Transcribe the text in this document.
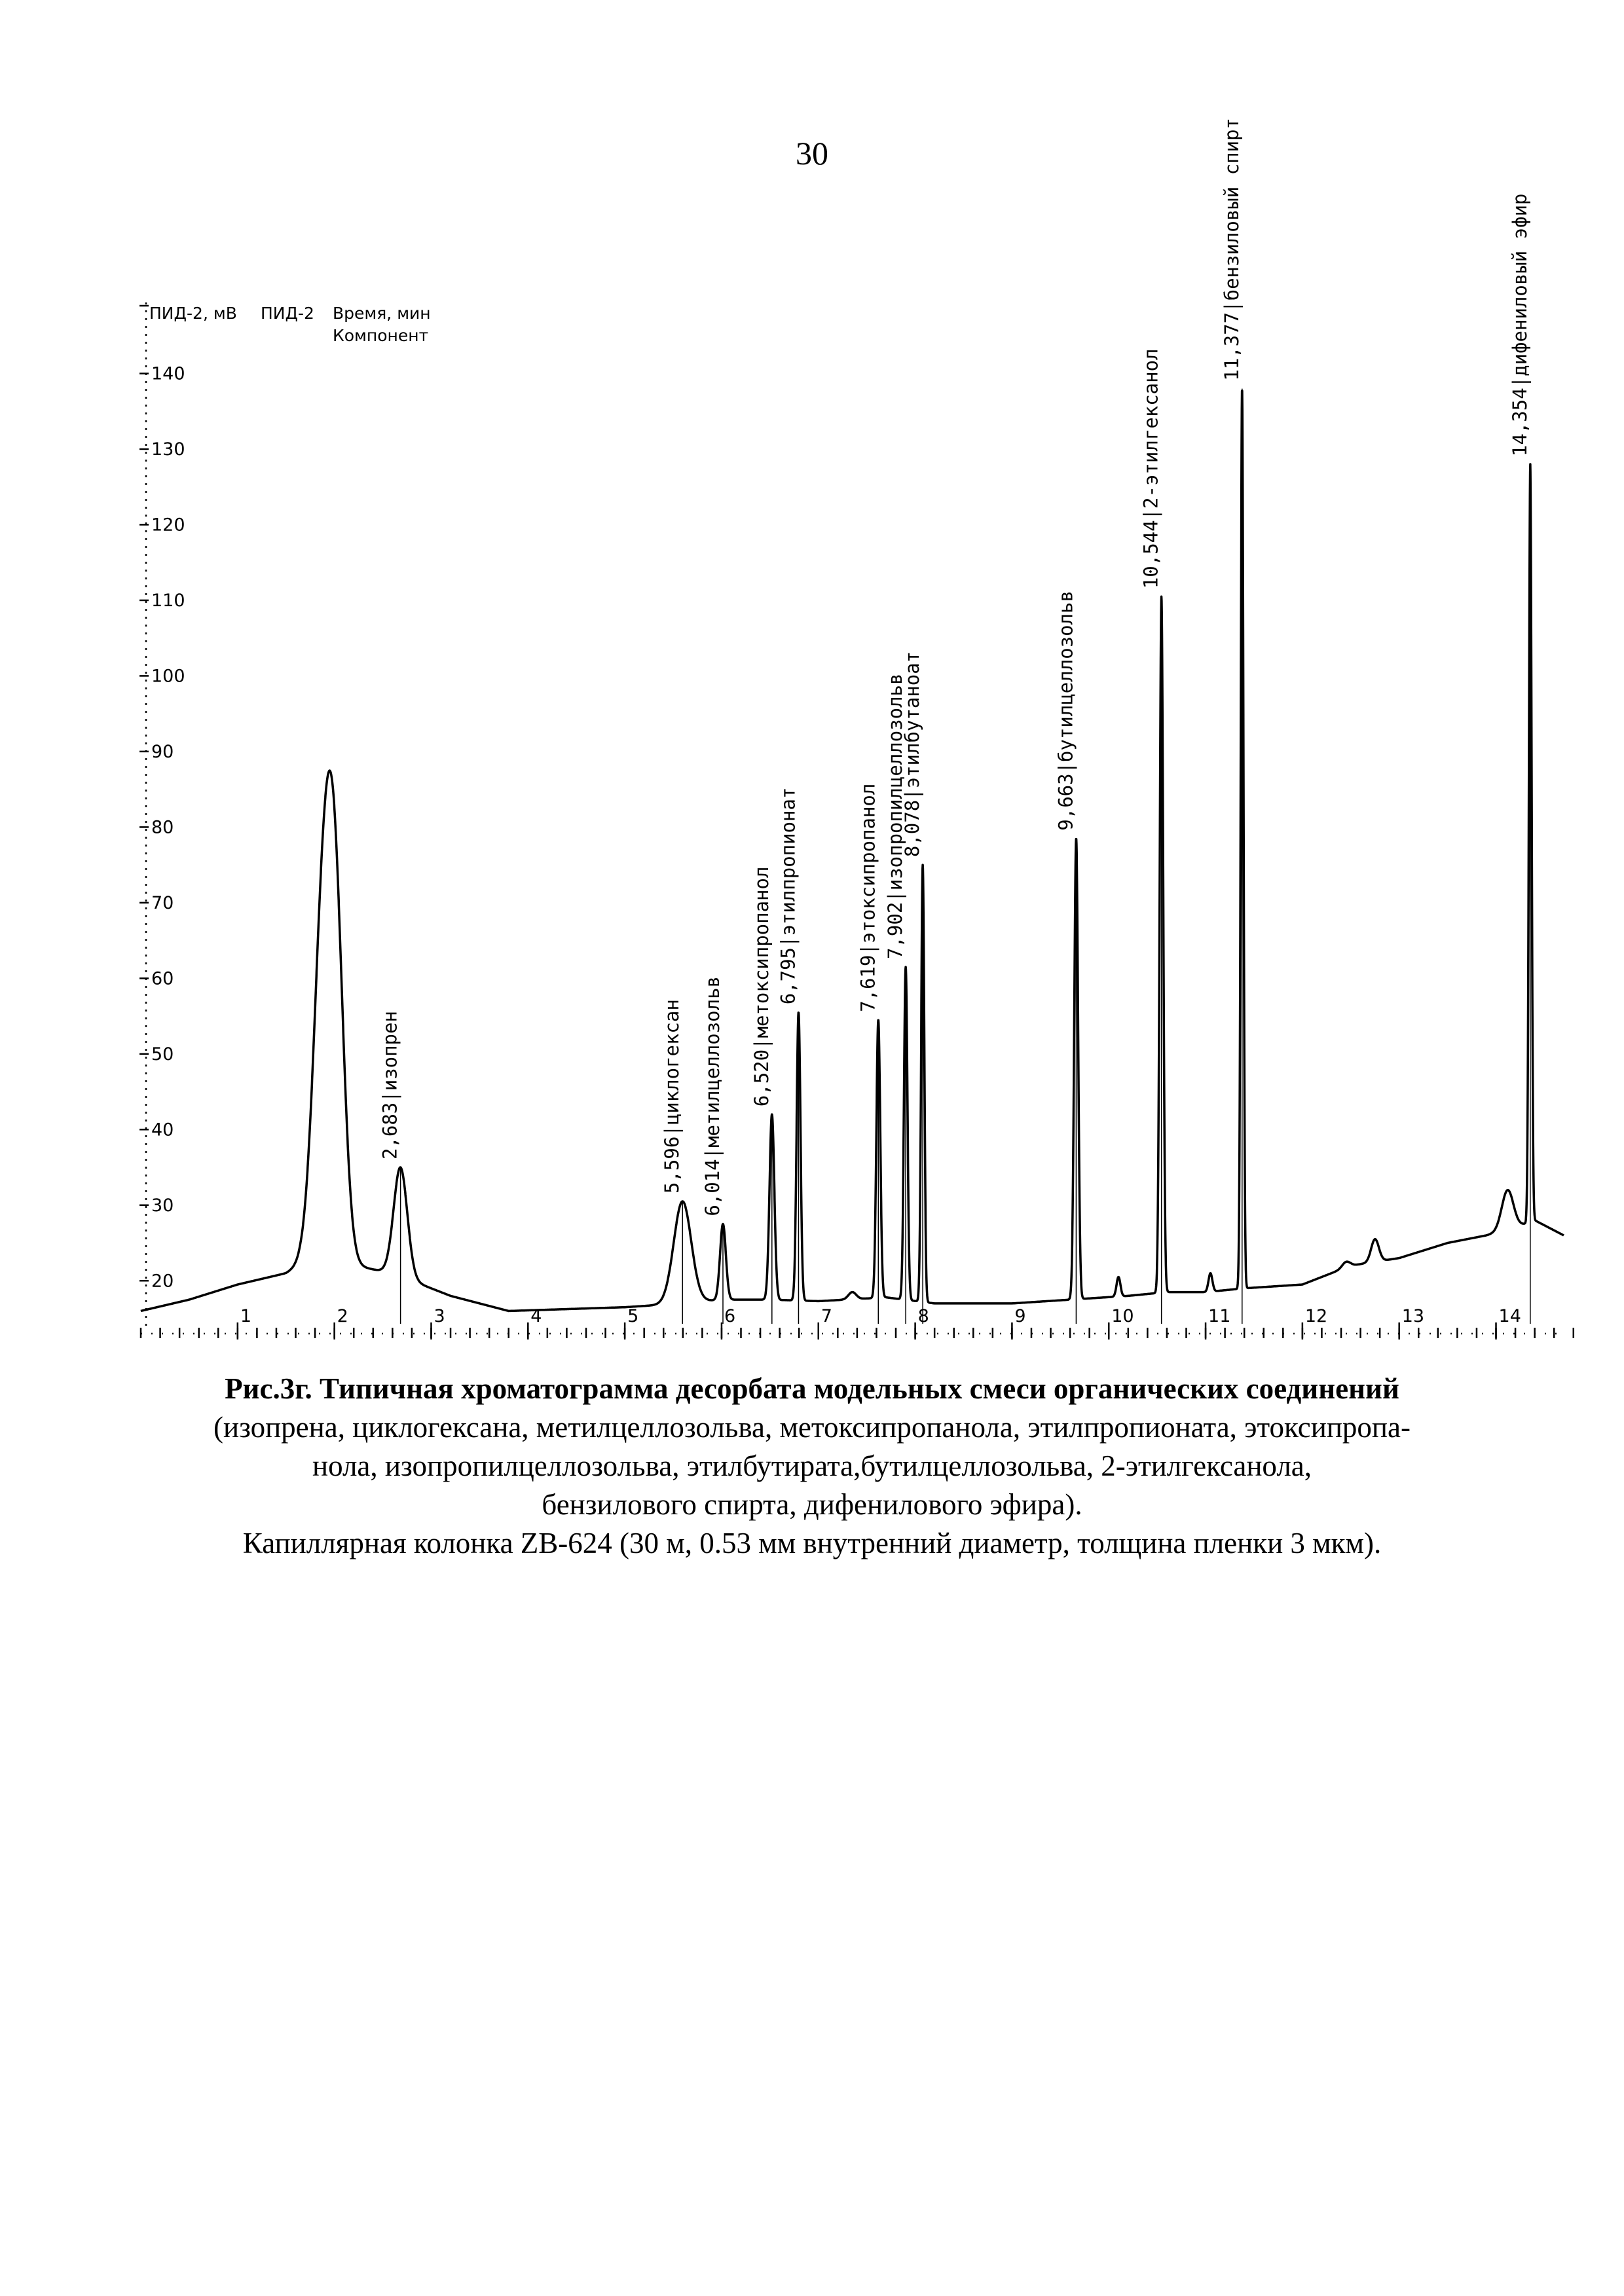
30
ПИД-2, мВ ПИД-2 Время, мин
Компонент
20
30
40
50
60
70
80
90
100
110
120
130
140
1	2	3	4	5	6	7	8	9	10	11	12	13	14
2,683|изопрен	5,596|циклогексан 6,014|метилцеллозольв 6,520|метоксипропанол 6,795|этилпропионат	7,619|этоксипропанол 7,902|изопропилцеллозольв
8,078|этилбутаноат	9,663|бутилцеллозольв
10,544|2-этилгексанол
11,377|бензиловый спирт	14,354|дифениловый эфир
Рис.3г. Типичная хроматограмма десорбата модельных смеси органических соединений
(изопрена, циклогексана, метилцеллозольва, метоксипропанола, этилпропионата, этоксипропа-
нола, изопропилцеллозольва, этилбутирата,бутилцеллозольва, 2-этилгексанола,
бензилового спирта, дифенилового эфира).
Капиллярная колонка ZB-624 (30 м, 0.53 мм внутренний диаметр, толщина пленки 3 мкм).
